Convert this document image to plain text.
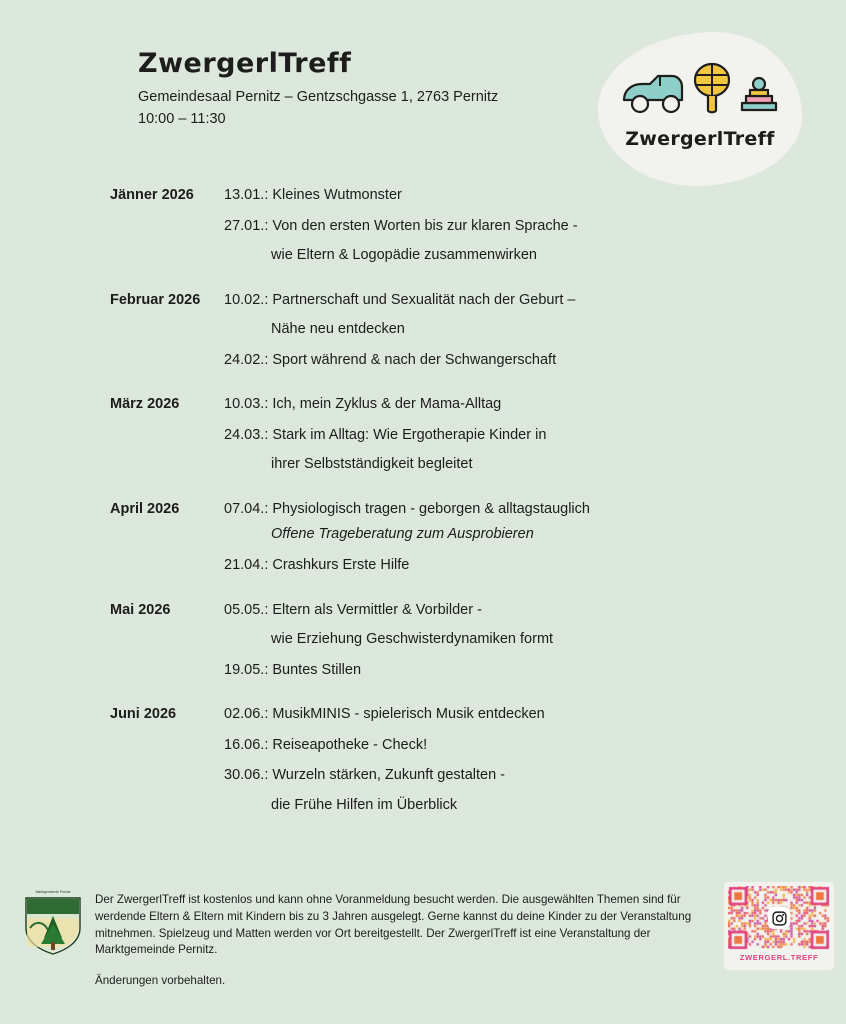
ZwergerlTreff

Gemeindesaal Pernitz – Gentzschgasse 1, 2763 Pernitz

10:00 – 11:30

ZwergerlTreff
Jänner 2026	13.01.: Kleines Wutmonster
27.01.: Von den ersten Worten bis zur klaren Sprache -
wie Eltern & Logopädie zusammenwirken
Februar 2026	10.02.: Partnerschaft und Sexualität nach der Geburt –
Nähe neu entdecken
24.02.: Sport während & nach der Schwangerschaft
März 2026	10.03.: Ich, mein Zyklus & der Mama-Alltag
24.03.: Stark im Alltag: Wie Ergotherapie Kinder in
ihrer Selbstständigkeit begleitet
April 2026	07.04.: Physiologisch tragen - geborgen & alltagstauglich
Offene Trageberatung zum Ausprobieren
21.04.: Crashkurs Erste Hilfe
Mai 2026	05.05.: Eltern als Vermittler & Vorbilder -
wie Erziehung Geschwisterdynamiken formt
19.05.: Buntes Stillen
Juni 2026	02.06.: MusikMINIS - spielerisch Musik entdecken
16.06.: Reiseapotheke - Check!
30.06.: Wurzeln stärken, Zukunft gestalten -
die Frühe Hilfen im Überblick
Marktgemeinde Pernitz
Der ZwergerlTreff ist kostenlos und kann ohne Voranmeldung besucht werden. Die ausgewählten Themen sind für werdende Eltern & Eltern mit Kindern bis zu 3 Jahren ausgelegt. Gerne kannst du deine Kinder zu der Veranstaltung mitnehmen. Spielzeug und Matten werden vor Ort bereitgestellt. Der ZwergerlTreff ist eine Veranstaltung der Marktgemeinde Pernitz.
Änderungen vorbehalten.
ZWERGERL.TREFF
